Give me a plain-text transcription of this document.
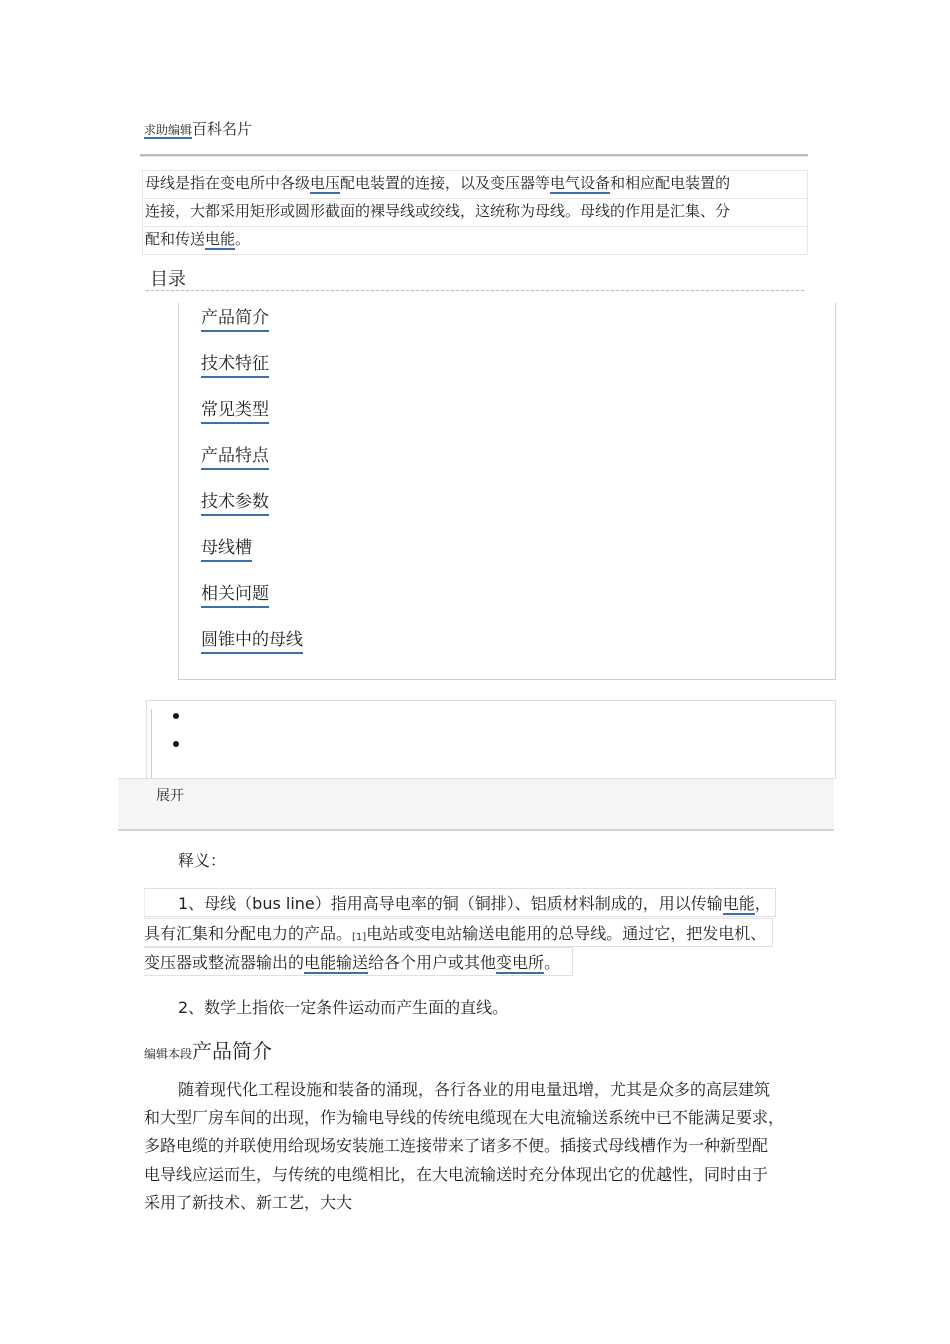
求助编辑百科名片
母线是指在变电所中各级电压配电装置的连接，以及变压器等电气设备和相应配电装置的
连接，大都采用矩形或圆形截面的裸导线或绞线，这统称为母线。母线的作用是汇集、分
配和传送电能。
目录
产品简介
技术特征
常见类型
产品特点
技术参数
母线槽
相关问题
圆锥中的母线
展开
释义：
1、母线（bus line）指用高导电率的铜（铜排）、铝质材料制成的，用以传输电能，
具有汇集和分配电力的产品。[1]电站或变电站输送电能用的总导线。通过它，把发电机、
变压器或整流器输出的电能输送给各个用户或其他变电所。
2、数学上指依一定条件运动而产生面的直线。
编辑本段产品简介
随着现代化工程设施和装备的涌现，各行各业的用电量迅增，尤其是众多的高层建筑
和大型厂房车间的出现，作为输电导线的传统电缆现在大电流输送系统中已不能满足要求，
多路电缆的并联使用给现场安装施工连接带来了诸多不便。插接式母线槽作为一种新型配
电导线应运而生，与传统的电缆相比，在大电流输送时充分体现出它的优越性，同时由于
采用了新技术、新工艺，大大
